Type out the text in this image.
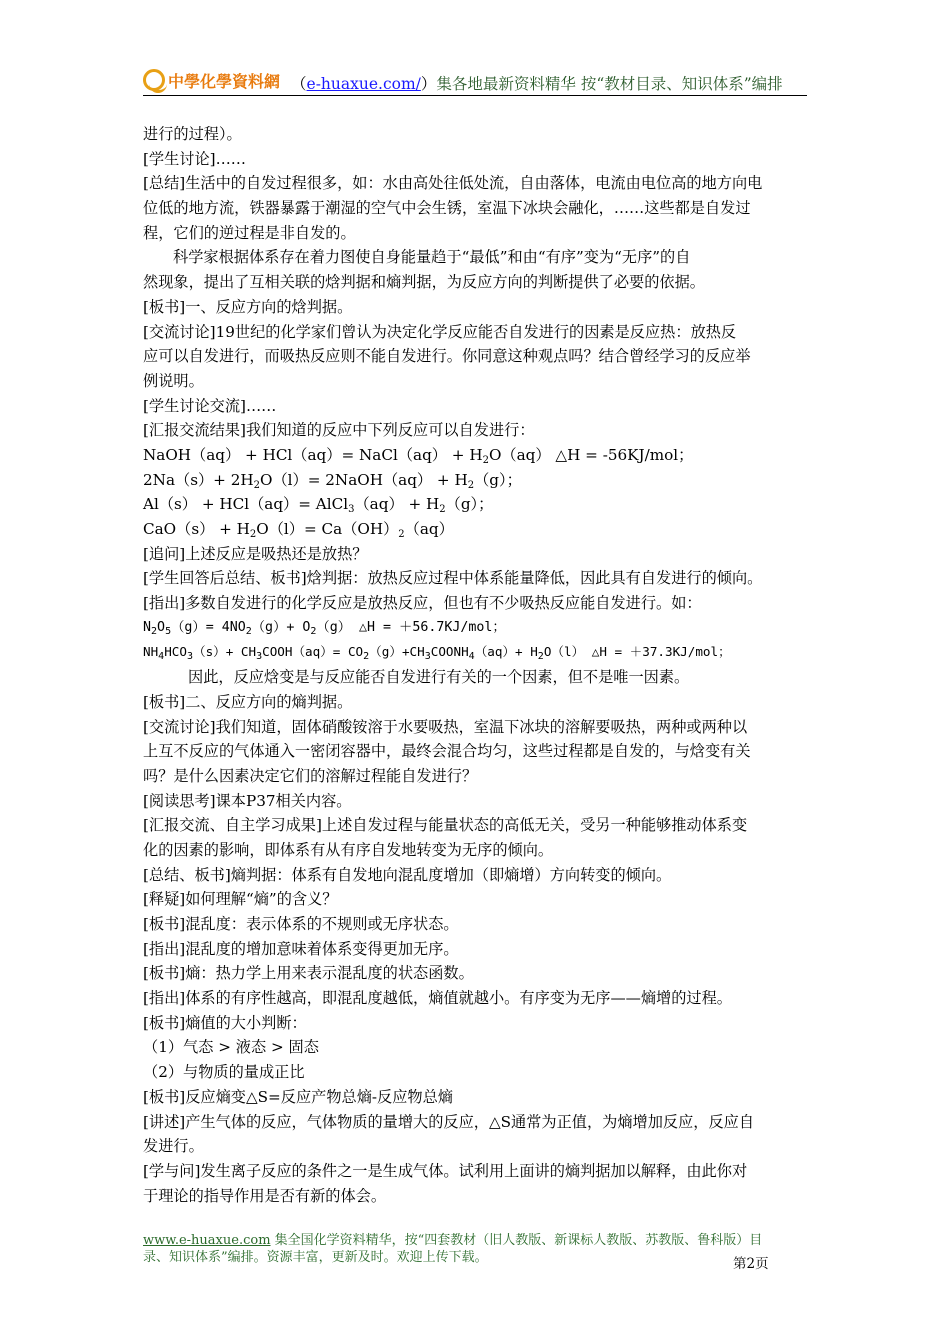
中學化學資料網 （e-huaxue.com/）集各地最新资料精华 按“教材目录、知识体系”编排
进行的过程）。
[学生讨论]……
[总结]生活中的自发过程很多，如：水由高处往低处流，自由落体，电流由电位高的地方向电
位低的地方流，铁器暴露于潮湿的空气中会生锈，室温下冰块会融化，……这些都是自发过
程，它们的逆过程是非自发的。
科学家根据体系存在着力图使自身能量趋于“最低”和由“有序”变为“无序”的自
然现象，提出了互相关联的焓判据和熵判据，为反应方向的判断提供了必要的依据。
[板书]一、反应方向的焓判据。
[交流讨论]19世纪的化学家们曾认为决定化学反应能否自发进行的因素是反应热：放热反
应可以自发进行，而吸热反应则不能自发进行。你同意这种观点吗？结合曾经学习的反应举
例说明。
[学生讨论交流]……
[汇报交流结果]我们知道的反应中下列反应可以自发进行：
NaOH（aq） + HCl（aq）= NaCl（aq） + $H_2O(aq)$ △H = -56KJ/mol；
$2Na(s)+ 2H_2O(l)=$ 2NaOH（aq） + $H_2(g)$；
Al（s） + HCl（aq）= AlCl$_3$（aq） + $H_2(g)$；
$CaO(s) + H_2O(l)= Ca(OH)_2(aq)$
[追问]上述反应是吸热还是放热？
[学生回答后总结、板书]焓判据：放热反应过程中体系能量降低，因此具有自发进行的倾向。
[指出]多数自发进行的化学反应是放热反应，但也有不少吸热反应能自发进行。如：
$N_2O_5(g)= 4NO_2(g)+ O_2(g)$ △H = ＋56.7KJ/mol；
$NH_4HCO_3(s)+$ $CH_3COOH(aq)=$ $CO_2(g)+CH_3COONH_4(aq)+ H_2O(l)$ △H = ＋37.3KJ/mol；
因此，反应焓变是与反应能否自发进行有关的一个因素，但不是唯一因素。
[板书]二、反应方向的熵判据。
[交流讨论]我们知道，固体硝酸铵溶于水要吸热，室温下冰块的溶解要吸热，两种或两种以
上互不反应的气体通入一密闭容器中，最终会混合均匀，这些过程都是自发的，与焓变有关
吗？是什么因素决定它们的溶解过程能自发进行？
[阅读思考]课本P37相关内容。
[汇报交流、自主学习成果]上述自发过程与能量状态的高低无关，受另一种能够推动体系变
化的因素的影响，即体系有从有序自发地转变为无序的倾向。
[总结、板书]熵判据：体系有自发地向混乱度增加（即熵增）方向转变的倾向。
[释疑]如何理解“熵”的含义？
[板书]混乱度：表示体系的不规则或无序状态。
[指出]混乱度的增加意味着体系变得更加无序。
[板书]熵：热力学上用来表示混乱度的状态函数。
[指出]体系的有序性越高，即混乱度越低，熵值就越小。有序变为无序——熵增的过程。
[板书]熵值的大小判断：
（1）气态 > 液态 > 固态
（2）与物质的量成正比
[板书]反应熵变△S=反应产物总熵-反应物总熵
[讲述]产生气体的反应，气体物质的量增大的反应，△S通常为正值，为熵增加反应，反应自
发进行。
[学与问]发生离子反应的条件之一是生成气体。试利用上面讲的熵判据加以解释，由此你对
于理论的指导作用是否有新的体会。
www.e-huaxue.com 集全国化学资料精华，按“四套教材（旧人教版、新课标人教版、苏教版、鲁科版）目
录、知识体系”编排。资源丰富，更新及时。欢迎上传下载。	第2页
